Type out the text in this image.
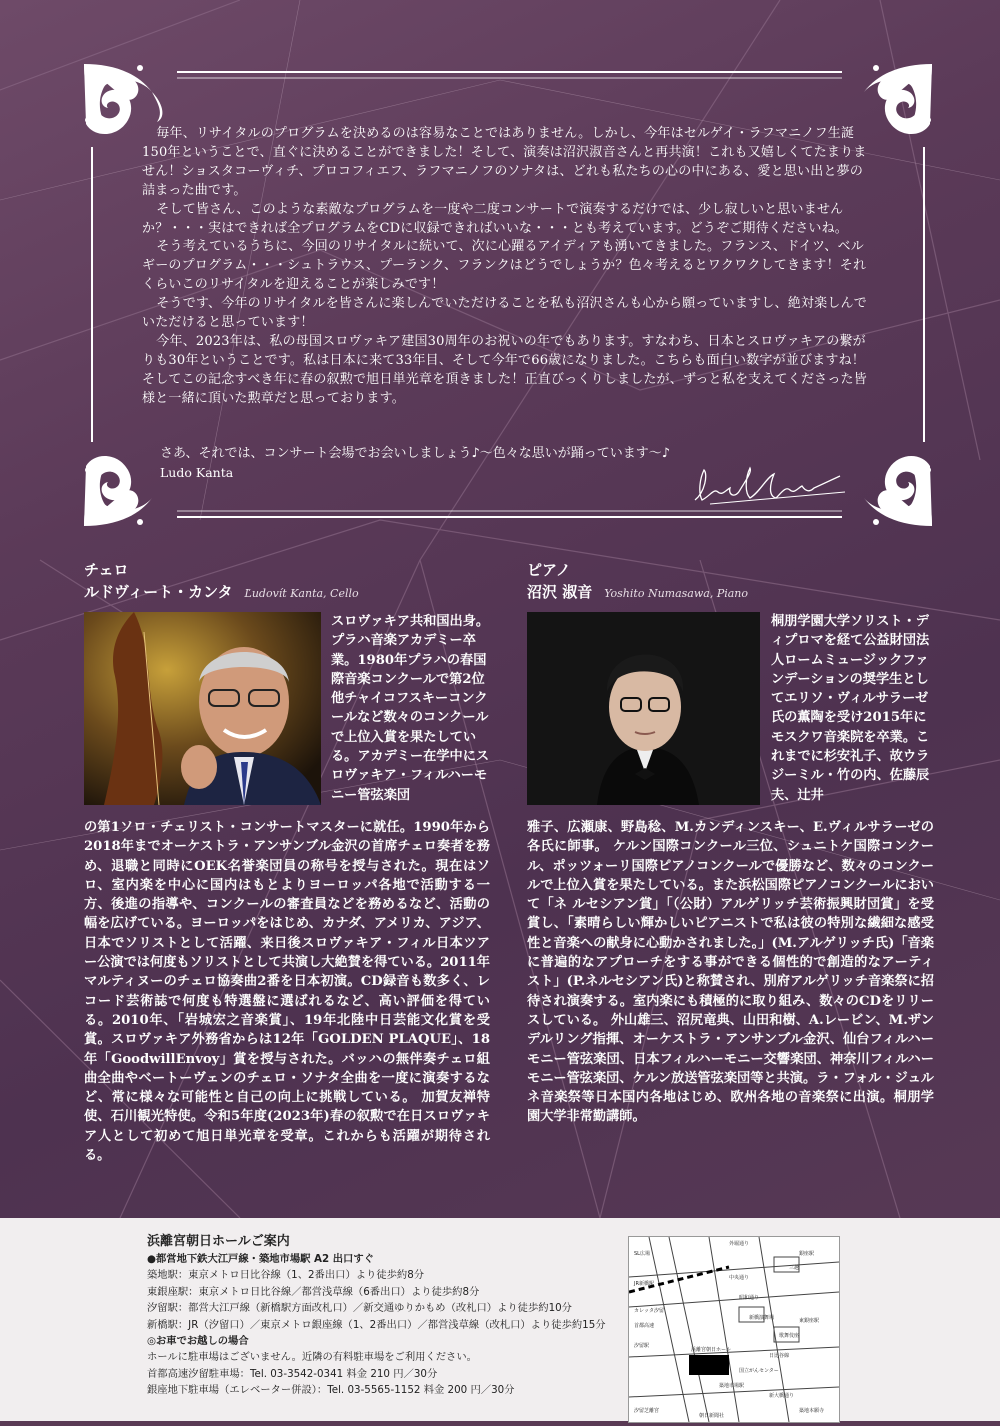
毎年、リサイタルのプログラムを決めるのは容易なことではありません。しかし、今年はセルゲイ・ラフマニノフ生誕150年ということで、直ぐに決めることができました！そして、演奏は沼沢淑音さんと再共演！これも又嬉しくてたまりません！ショスタコーヴィチ、プロコフィエフ、ラフマニノフのソナタは、どれも私たちの心の中にある、愛と思い出と夢の詰まった曲です。

そして皆さん、このような素敵なプログラムを一度や二度コンサートで演奏するだけでは、少し寂しいと思いませんか？・・・実はできれば全プログラムをCDに収録できればいいな・・・とも考えています。どうぞご期待くださいね。

そう考えているうちに、今回のリサイタルに続いて、次に心躍るアイディアも湧いてきました。フランス、ドイツ、ベルギーのプログラム・・・シュトラウス、プーランク、フランクはどうでしょうか？色々考えるとワクワクしてきます！それくらいこのリサイタルを迎えることが楽しみです！

そうです、今年のリサイタルを皆さんに楽しんでいただけることを私も沼沢さんも心から願っていますし、絶対楽しんでいただけると思っています！

今年、2023年は、私の母国スロヴァキア建国30周年のお祝いの年でもあります。すなわち、日本とスロヴァキアの繋がりも30年ということです。私は日本に来て33年目、そして今年で66歳になりました。こちらも面白い数字が並びますね！そしてこの記念すべき年に春の叙勲で旭日単光章を頂きました！正直びっくりしましたが、ずっと私を支えてくださった皆様と一緒に頂いた勲章だと思っております。

さあ、それでは、コンサート会場でお会いしましょう♪〜色々な思いが踊っています〜♪
Ludo Kanta
チェロ
ルドヴィート・カンタ Ľudovít Kanta, Cello
スロヴァキア共和国出身。プラハ音楽アカデミー卒業。1980年プラハの春国際音楽コンクールで第2位他チャイコフスキーコンクールなど数々のコンクールで上位入賞を果たしている。アカデミー在学中にスロヴァキア・フィルハーモニー管弦楽団
の第1ソロ・チェリスト・コンサートマスターに就任。1990年から2018年までオーケストラ・アンサンブル金沢の首席チェロ奏者を務め、退職と同時にOEK名誉楽団員の称号を授与された。現在はソロ、室内楽を中心に国内はもとよりヨーロッパ各地で活動する一方、後進の指導や、コンクールの審査員などを務めるなど、活動の幅を広げている。ヨーロッパをはじめ、カナダ、アメリカ、アジア、日本でソリストとして活躍、来日後スロヴァキア・フィル日本ツアー公演では何度もソリストとして共演し大絶賛を得ている。2011年マルティヌーのチェロ協奏曲2番を日本初演。CD録音も数多く、レコード芸術誌で何度も特選盤に選ばれるなど、高い評価を得ている。2010年、「岩城宏之音楽賞」、19年北陸中日芸能文化賞を受賞。スロヴァキア外務省からは12年「GOLDEN PLAQUE」、18年「GoodwillEnvoy」賞を授与された。バッハの無伴奏チェロ組曲全曲やベートーヴェンのチェロ・ソナタ全曲を一度に演奏するなど、常に様々な可能性と自己の向上に挑戦している。 加賀友禅特使、石川観光特使。令和5年度(2023年)春の叙勲で在日スロヴァキア人として初めて旭日単光章を受章。これからも活躍が期待される。
ピアノ
沼沢 淑音 Yoshito Numasawa, Piano
桐朋学園大学ソリスト・ディプロマを経て公益財団法人ロームミュージックファンデーションの奨学生としてエリソ・ヴィルサラーゼ氏の薫陶を受け2015年にモスクワ音楽院を卒業。これまでに杉安礼子、故ウラジーミル・竹の内、佐藤辰夫、辻井
雅子、広瀬康、野島稔、M.カンディンスキー、E.ヴィルサラーゼの各氏に師事。 ケルン国際コンクール三位、シュニトケ国際コンクール、ポッツォーリ国際ピアノコンクールで優勝など、数々のコンクールで上位入賞を果たしている。また浜松国際ピアノコンクールにおいて「ネ ルセシアン賞」「（公財）アルゲリッチ芸術振興財団賞」を受賞し、「素晴らしい輝かしいピアニストで私は彼の特別な繊細な感受性と音楽への献身に心動かされました。」(M.アルゲリッチ氏)「音楽に普遍的なアプローチをする事ができる個性的で創造的なアーティスト」(P.ネルセシアン氏)と称賛され、別府アルゲリッチ音楽祭に招待され演奏する。室内楽にも積極的に取り組み、数々のCDをリリースしている。 外山雄三、沼尻竜典、山田和樹、A.レービン、M.ザンデルリング指揮、オーケストラ・アンサンブル金沢、仙台フィルハーモニー管弦楽団、日本フィルハーモニー交響楽団、神奈川フィルハーモニー管弦楽団、ケルン放送管弦楽団等と共演。ラ・フォル・ジュルネ音楽祭等日本国内各地はじめ、欧州各地の音楽祭に出演。桐朋学園大学非常勤講師。
浜離宮朝日ホールご案内
●都営地下鉄大江戸線・築地市場駅 A2 出口すぐ
築地駅：東京メトロ日比谷線（1、2番出口）より徒歩約8分
東銀座駅：東京メトロ日比谷線／都営浅草線（6番出口）より徒歩約8分
汐留駅：都営大江戸線（新橋駅方面改札口）／新交通ゆりかもめ（改札口）より徒歩約10分
新橋駅：JR（汐留口）／東京メトロ銀座線（1、2番出口）／都営浅草線（改札口）より徒歩約15分
◎お車でお越しの場合
ホールに駐車場はございません。近隣の有料駐車場をご利用ください。
首都高速汐留駐車場：Tel. 03-3542-0341 料金 210 円／30分
銀座地下駐車場（エレベーター併設）：Tel. 03-5565-1152 料金 200 円／30分
外堀通り
SL広場
JR新橋駅
中央通り
銀座駅
三越
昭和通り
新橋演舞場	東銀座駅
歌舞伎座
首都高速
築地市場駅
浜離宮朝日ホール
朝日新聞社
汐留駅
カレッタ汐留
日比谷線
築地本願寺
新大橋通り
汐留芝離宮
国立がんセンター
